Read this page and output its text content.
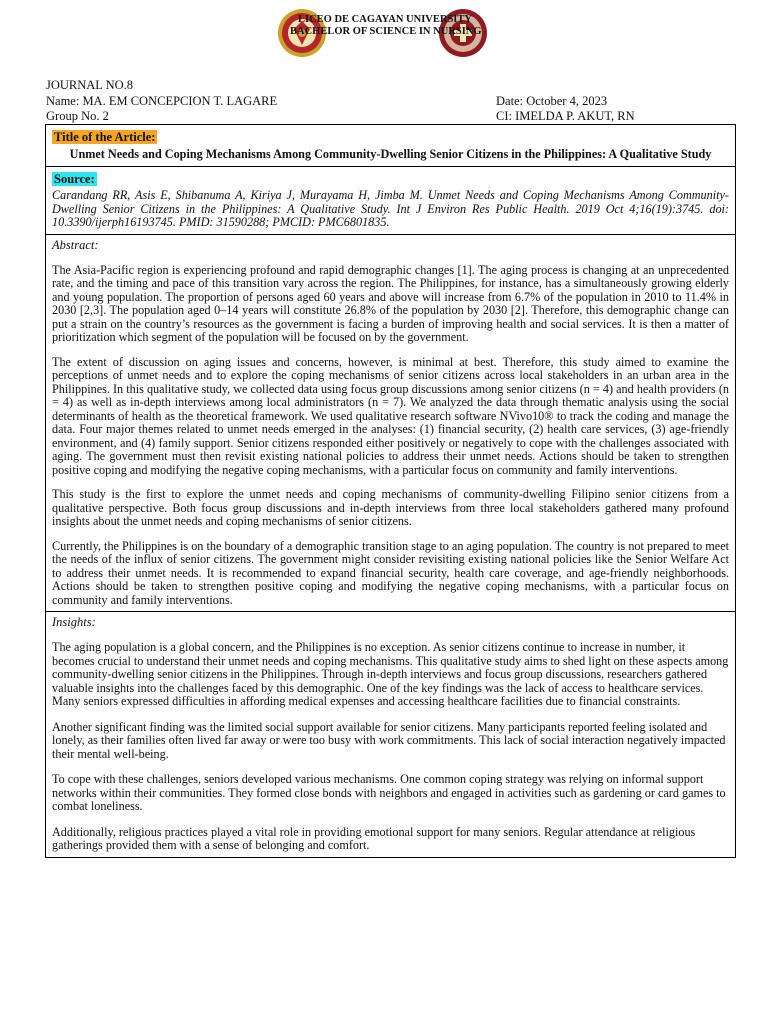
LICEO DE CAGAYAN UNIVERSITY
BACHELOR OF SCIENCE IN NURSING
JOURNAL NO.8
Name: MA. EM CONCEPCION T. LAGARE	Date: October 4, 2023
Group No. 2	CI: IMELDA P. AKUT, RN
Title of the Article:
Unmet Needs and Coping Mechanisms Among Community-Dwelling Senior Citizens in the Philippines: A Qualitative Study
Source:
Carandang RR, Asis E, Shibanuma A, Kiriya J, Murayama H, Jimba M. Unmet Needs and Coping Mechanisms Among Community-Dwelling Senior Citizens in the Philippines: A Qualitative Study. Int J Environ Res Public Health. 2019 Oct 4;16(19):3745. doi: 10.3390/ijerph16193745. PMID: 31590288; PMCID: PMC6801835.
Abstract:

The Asia-Pacific region is experiencing profound and rapid demographic changes [1]. The aging process is changing at an unprecedented rate, and the timing and pace of this transition vary across the region. The Philippines, for instance, has a simultaneously growing elderly and young population. The proportion of persons aged 60 years and above will increase from 6.7% of the population in 2010 to 11.4% in 2030 [2,3]. The population aged 0–14 years will constitute 26.8% of the population by 2030 [2]. Therefore, this demographic change can put a strain on the country’s resources as the government is facing a burden of improving health and social services. It is then a matter of prioritization which segment of the population will be focused on by the government.

The extent of discussion on aging issues and concerns, however, is minimal at best. Therefore, this study aimed to examine the perceptions of unmet needs and to explore the coping mechanisms of senior citizens across local stakeholders in an urban area in the Philippines. In this qualitative study, we collected data using focus group discussions among senior citizens (n = 4) and health providers (n = 4) as well as in-depth interviews among local administrators (n = 7). We analyzed the data through thematic analysis using the social determinants of health as the theoretical framework. We used qualitative research software NVivo10® to track the coding and manage the data. Four major themes related to unmet needs emerged in the analyses: (1) financial security, (2) health care services, (3) age-friendly environment, and (4) family support. Senior citizens responded either positively or negatively to cope with the challenges associated with aging. The government must then revisit existing national policies to address their unmet needs. Actions should be taken to strengthen positive coping and modifying the negative coping mechanisms, with a particular focus on community and family interventions.

This study is the first to explore the unmet needs and coping mechanisms of community-dwelling Filipino senior citizens from a qualitative perspective. Both focus group discussions and in-depth interviews from three local stakeholders gathered many profound insights about the unmet needs and coping mechanisms of senior citizens.

Currently, the Philippines is on the boundary of a demographic transition stage to an aging population. The country is not prepared to meet the needs of the influx of senior citizens. The government might consider revisiting existing national policies like the Senior Welfare Act to address their unmet needs. It is recommended to expand financial security, health care coverage, and age-friendly neighborhoods. Actions should be taken to strengthen positive coping and modifying the negative coping mechanisms, with a particular focus on community and family interventions.

Insights:

The aging population is a global concern, and the Philippines is no exception. As senior citizens continue to increase in number, it becomes crucial to understand their unmet needs and coping mechanisms. This qualitative study aims to shed light on these aspects among community-dwelling senior citizens in the Philippines. Through in-depth interviews and focus group discussions, researchers gathered valuable insights into the challenges faced by this demographic. One of the key findings was the lack of access to healthcare services. Many seniors expressed difficulties in affording medical expenses and accessing healthcare facilities due to financial constraints.

Another significant finding was the limited social support available for senior citizens. Many participants reported feeling isolated and lonely, as their families often lived far away or were too busy with work commitments. This lack of social interaction negatively impacted their mental well-being.

To cope with these challenges, seniors developed various mechanisms. One common coping strategy was relying on informal support networks within their communities. They formed close bonds with neighbors and engaged in activities such as gardening or card games to combat loneliness.

Additionally, religious practices played a vital role in providing emotional support for many seniors. Regular attendance at religious gatherings provided them with a sense of belonging and comfort.
